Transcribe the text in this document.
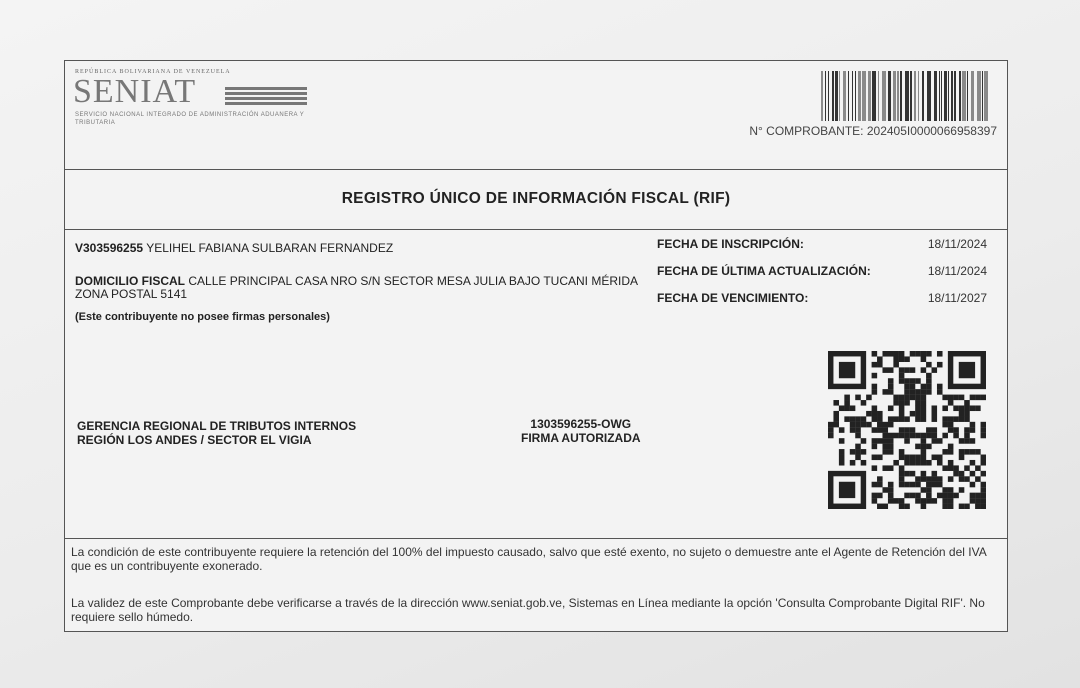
REPÚBLICA BOLIVARIANA DE VENEZUELA
SENIAT
SERVICIO NACIONAL INTEGRADO DE ADMINISTRACIÓN ADUANERA Y TRIBUTARIA
N° COMPROBANTE: 202405I0000066958397
REGISTRO ÚNICO DE INFORMACIÓN FISCAL (RIF)
V303596255 YELIHEL FABIANA SULBARAN FERNANDEZ
DOMICILIO FISCAL CALLE PRINCIPAL CASA NRO S/N SECTOR MESA JULIA BAJO TUCANI MÉRIDA ZONA POSTAL 5141
(Este contribuyente no posee firmas personales)
FECHA DE INSCRIPCIÓN:	18/11/2024
FECHA DE ÚLTIMA ACTUALIZACIÓN:	18/11/2024
FECHA DE VENCIMIENTO:	18/11/2027
GERENCIA REGIONAL DE TRIBUTOS INTERNOS
REGIÓN LOS ANDES / SECTOR EL VIGIA
1303596255-OWG
FIRMA AUTORIZADA
La condición de este contribuyente requiere la retención del 100% del impuesto causado, salvo que esté exento, no sujeto o demuestre ante el Agente de Retención del IVA que es un contribuyente exonerado.
La validez de este Comprobante debe verificarse a través de la dirección www.seniat.gob.ve, Sistemas en Línea mediante la opción 'Consulta Comprobante Digital RIF'. No requiere sello húmedo.
